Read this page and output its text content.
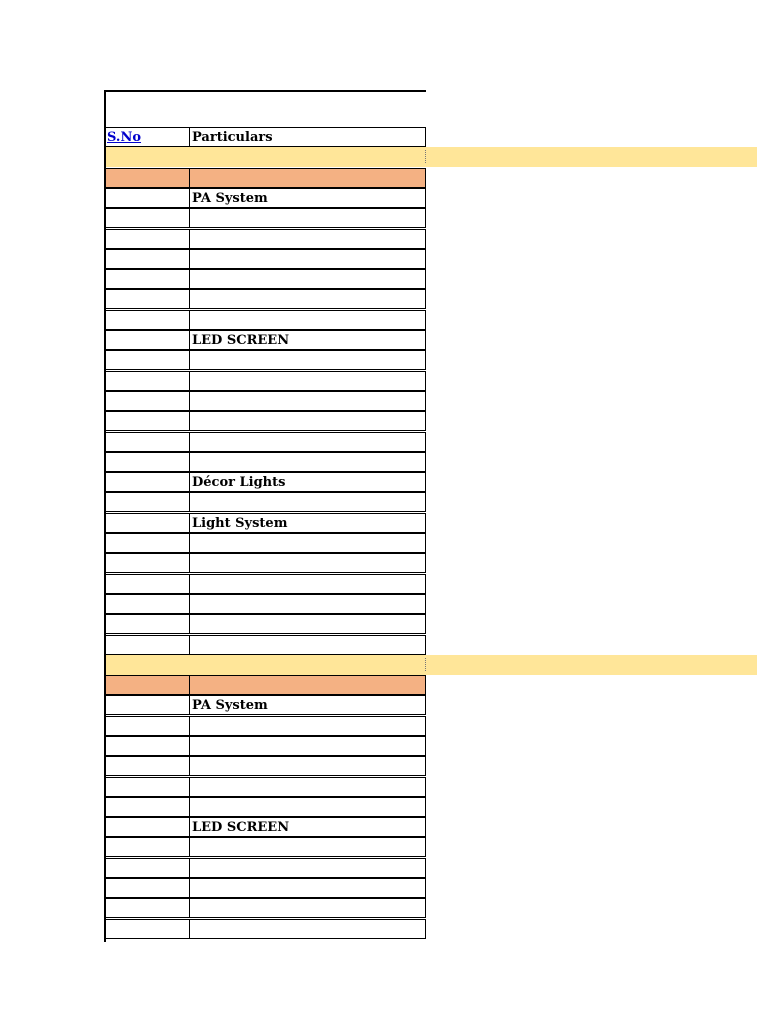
S.No	Particulars
PA System
LED SCREEN
Décor Lights
Light System
PA System
LED SCREEN
